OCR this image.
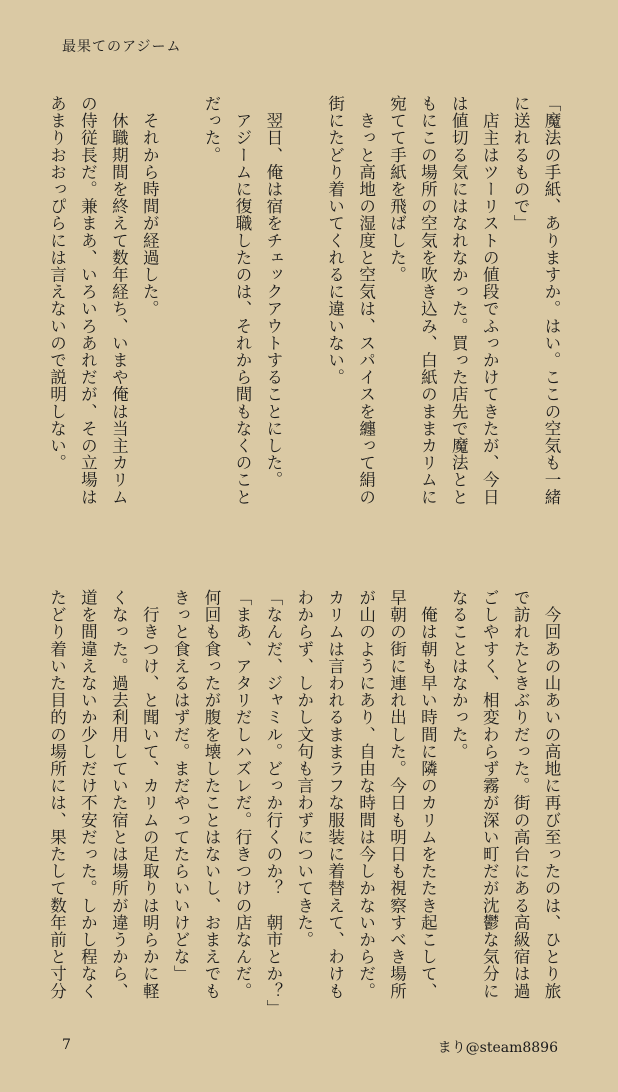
最果てのアジーム
「魔法の手紙、ありますか。はい。ここの空気も一緒
に送れるもので」
　店主はツーリストの値段でふっかけてきたが、今日
は値切る気にはなれなかった。買った店先で魔法とと
もにこの場所の空気を吹き込み、白紙のままカリムに
宛てて手紙を飛ばした。
　きっと高地の湿度と空気は、スパイスを纏って絹の
街にたどり着いてくれるに違いない。

　翌日、俺は宿をチェックアウトすることにした。
　アジームに復職したのは、それから間もなくのこと
だった。

　それから時間が経過した。
　休職期間を終えて数年経ち、いまや俺は当主カリム
の侍従長だ。兼まあ、いろいろあれだが、その立場は
あまりおおっぴらには言えないので説明しない。
　今回あの山あいの高地に再び至ったのは、ひとり旅
で訪れたときぶりだった。街の高台にある高級宿は過
ごしやすく、相変わらず霧が深い町だが沈鬱な気分に
なることはなかった。
　俺は朝も早い時間に隣のカリムをたたき起こして、
早朝の街に連れ出した。今日も明日も視察すべき場所
が山のようにあり、自由な時間は今しかないからだ。
カリムは言われるままラフな服装に着替えて、わけも
わからず、しかし文句も言わずについてきた。
「なんだ、ジャミル。どっか行くのか？　朝市とか？」
「まあ、アタリだしハズレだ。行きつけの店なんだ。
何回も食ったが腹を壊したことはないし、おまえでも
きっと食えるはずだ。まだやってたらいいけどな」
　行きつけ、と聞いて、カリムの足取りは明らかに軽
くなった。過去利用していた宿とは場所が違うから、
道を間違えないか少しだけ不安だった。しかし程なく
たどり着いた目的の場所には、果たして数年前と寸分
7	まり@steam8896
